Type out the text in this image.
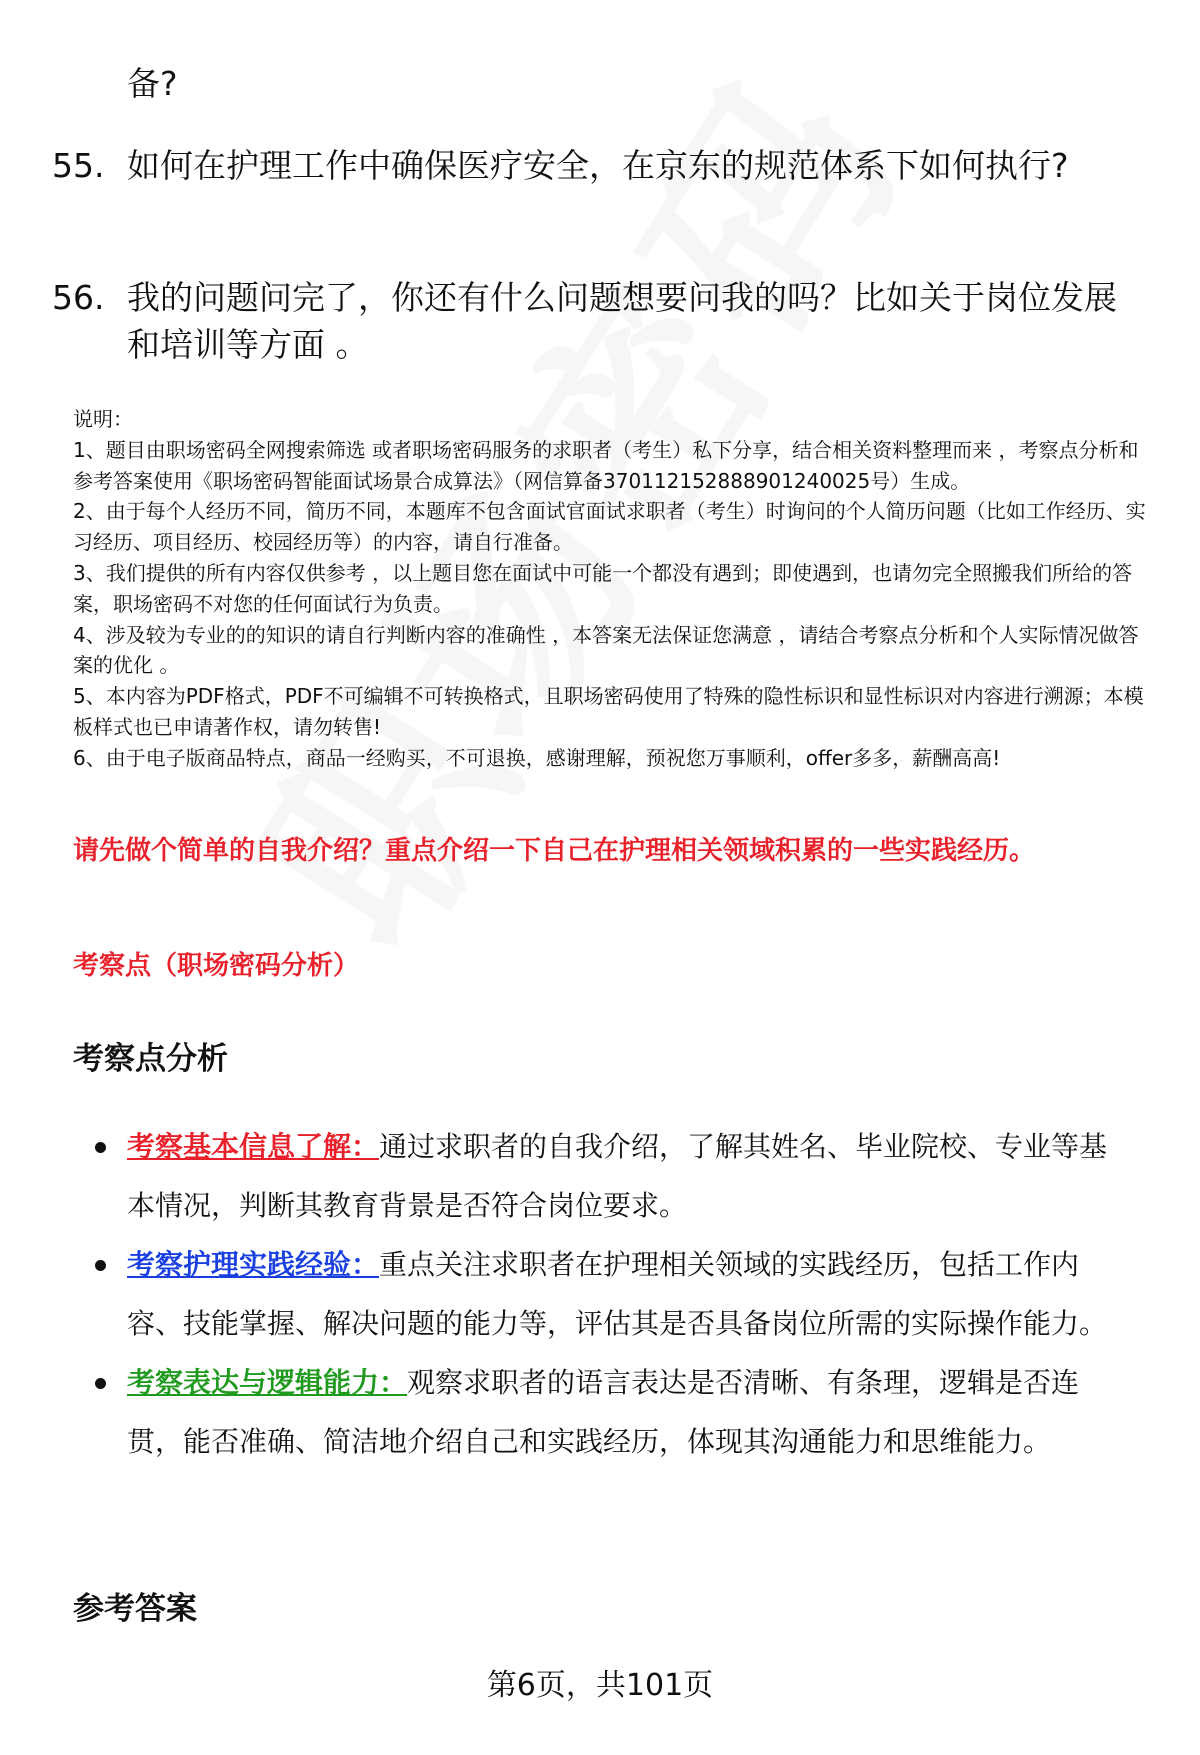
备?
55. 如何在护理工作中确保医疗安全，在京东的规范体系下如何执行?
56. 我的问题问完了，你还有什么问题想要问我的吗？比如关于岗位发展和培训等方面 。
说明：
1、题目由职场密码全网搜索筛选 或者职场密码服务的求职者（考生）私下分享，结合相关资料整理而来 ，考察点分析和参考答案使用《职场密码智能面试场景合成算法》（网信算备370112152888901240025号）生成。
2、由于每个人经历不同，简历不同，本题库不包含面试官面试求职者（考生）时询问的个人简历问题（比如工作经历、实习经历、项目经历、校园经历等）的内容，请自行准备。
3、我们提供的所有内容仅供参考 ，以上题目您在面试中可能一个都没有遇到；即使遇到，也请勿完全照搬我们所给的答案，职场密码不对您的任何面试行为负责。
4、涉及较为专业的的知识的请自行判断内容的准确性 ，本答案无法保证您满意 ，请结合考察点分析和个人实际情况做答案的优化 。
5、本内容为PDF格式，PDF不可编辑不可转换格式，且职场密码使用了特殊的隐性标识和显性标识对内容进行溯源；本模板样式也已申请著作权，请勿转售!
6、由于电子版商品特点，商品一经购买，不可退换，感谢理解，预祝您万事顺利，offer多多，薪酬高高!
请先做个简单的自我介绍？重点介绍一下自己在护理相关领域积累的一些实践经历。
考察点（职场密码分析）
考察点分析
考察基本信息了解：通过求职者的自我介绍，了解其姓名、毕业院校、专业等基本情况，判断其教育背景是否符合岗位要求。
考察护理实践经验：重点关注求职者在护理相关领域的实践经历，包括工作内容、技能掌握、解决问题的能力等，评估其是否具备岗位所需的实际操作能力。
考察表达与逻辑能力：观察求职者的语言表达是否清晰、有条理，逻辑是否连贯，能否准确、简洁地介绍自己和实践经历，体现其沟通能力和思维能力。
参考答案
第6页，共101页
